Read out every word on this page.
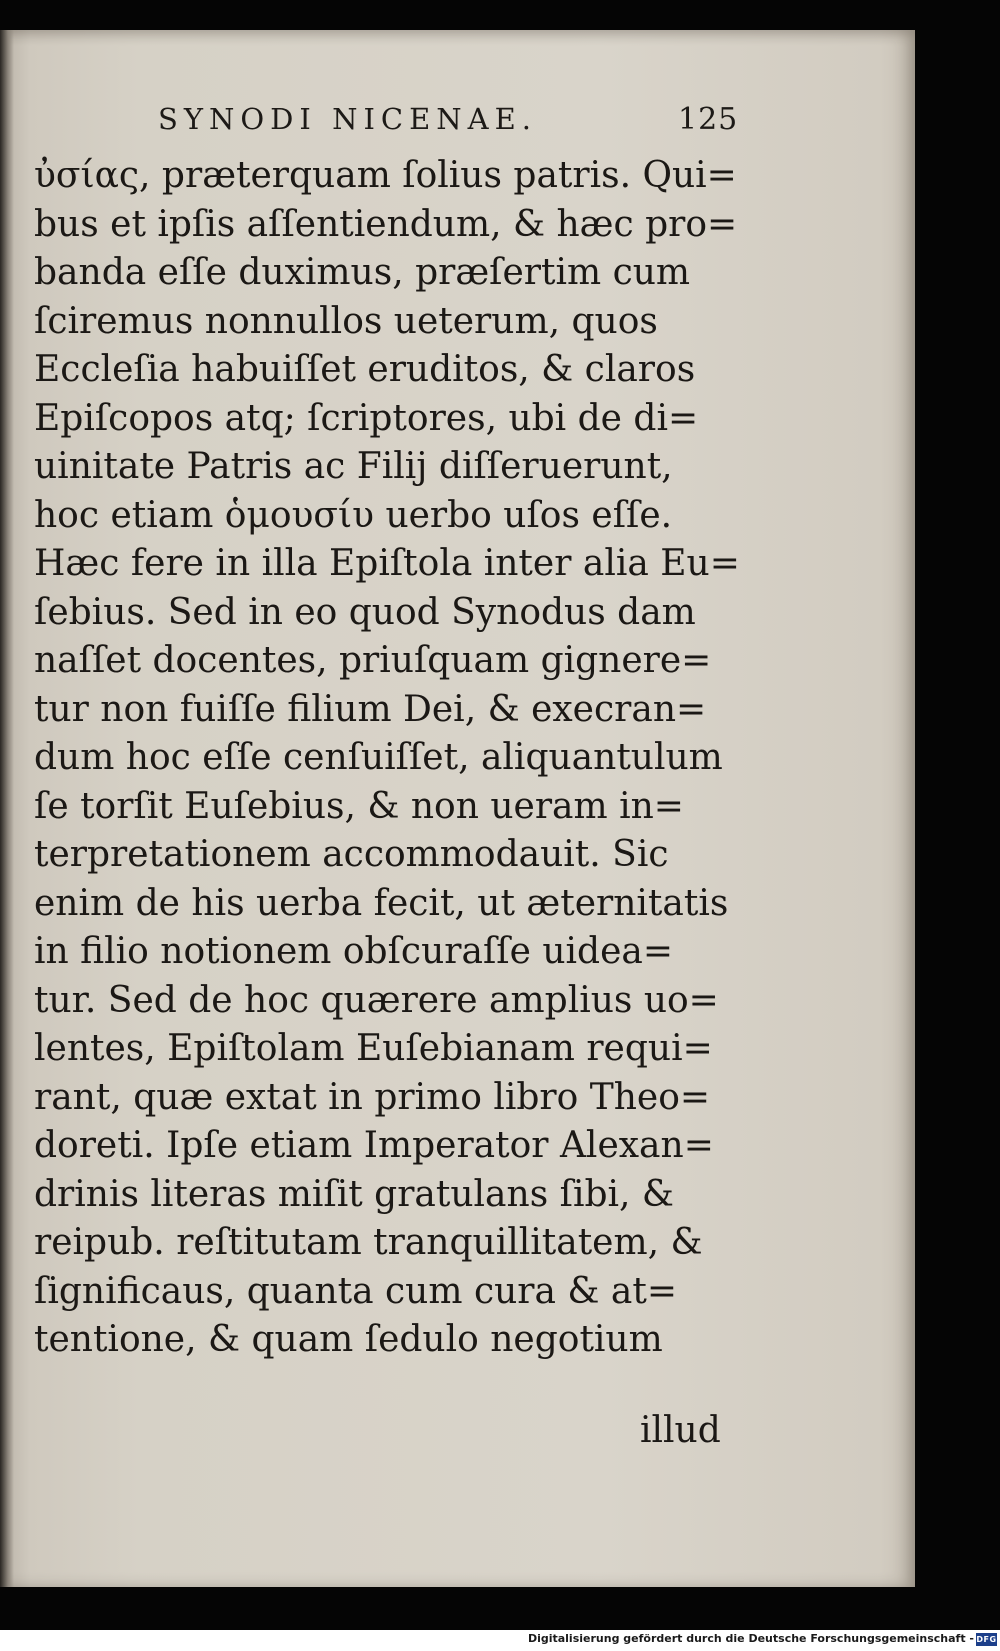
SYNODI NICENAE.	125
ὐσίας, præterquam ſolius patris. Qui=
bus et ipſis aſſentiendum, & hæc pro=
banda eſſe duximus, præſertim cum
ſciremus nonnullos ueterum, quos
Eccleſia habuiſſet eruditos, & claros
Epiſcopos atq; ſcriptores, ubi de di=
uinitate Patris ac Filij diſſeruerunt,
hoc etiam ὁμουσίυ uerbo uſos eſſe.
Hæc fere in illa Epiſtola inter alia Eu=
ſebius. Sed in eo quod Synodus dam
naſſet docentes, priuſquam gignere=
tur non fuiſſe filium Dei, & execran=
dum hoc eſſe cenſuiſſet, aliquantulum
ſe torſit Euſebius, & non ueram in=
terpretationem accommodauit. Sic
enim de his uerba fecit, ut æternitatis
in filio notionem obſcuraſſe uidea=
tur. Sed de hoc quærere amplius uo=
lentes, Epiſtolam Euſebianam requi=
rant, quæ extat in primo libro Theo=
doreti. Ipſe etiam Imperator Alexan=
drinis literas miſit gratulans ſibi, &
reipub. reſtitutam tranquillitatem, &
ſignificaus, quanta cum cura & at=
tentione, & quam ſedulo negotium
illud
Digitalisierung gefördert durch die Deutsche Forschungsgemeinschaft - DFG
